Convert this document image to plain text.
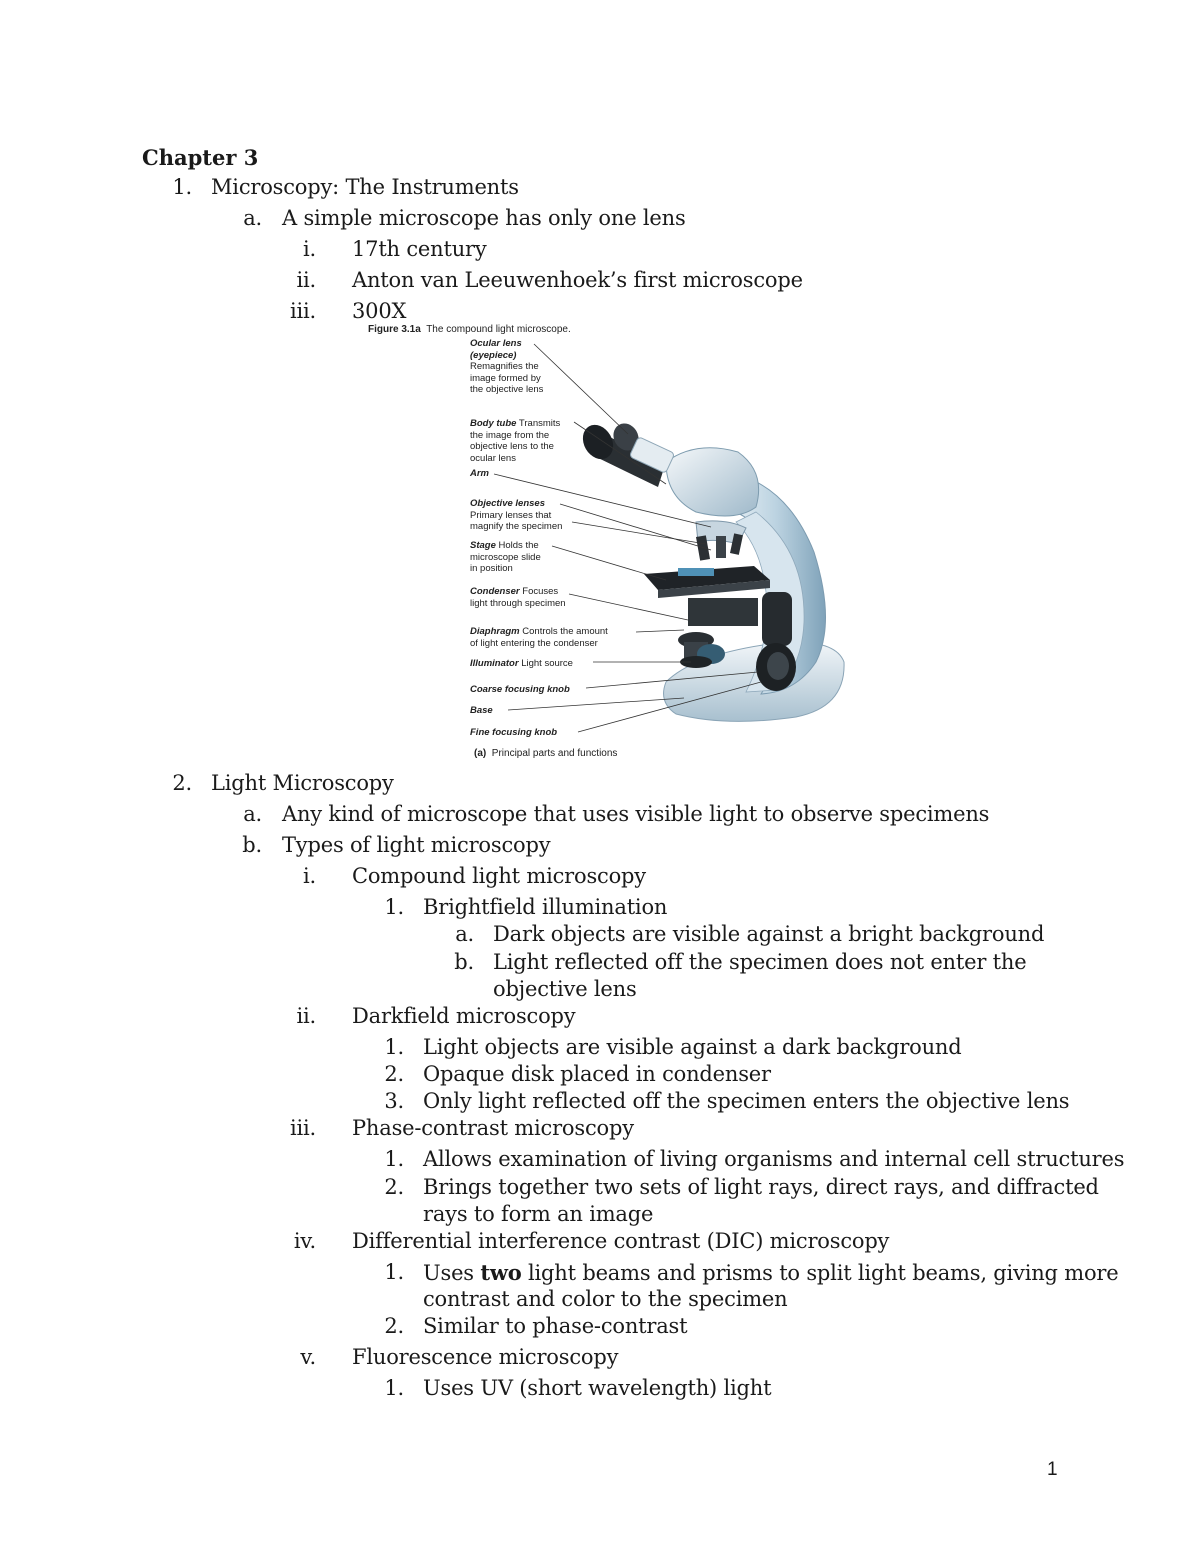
Chapter 3
1. Microscopy: The Instruments
a. A simple microscope has only one lens
i. 17th century
ii. Anton van Leeuwenhoek’s first microscope
iii. 300X
Figure 3.1a The compound light microscope.
Ocular lens
(eyepiece)
Remagnifies the
image formed by
the objective lens
Body tube Transmits
the image from the
objective lens to the
ocular lens
Arm
Objective lenses
Primary lenses that
magnify the specimen
Stage Holds the
microscope slide
in position
Condenser Focuses
light through specimen
Diaphragm Controls the amount
of light entering the condenser
Illuminator Light source
Coarse focusing knob
Base
Fine focusing knob
(a) Principal parts and functions
2. Light Microscopy
a. Any kind of microscope that uses visible light to observe specimens
b. Types of light microscopy
i. Compound light microscopy
1. Brightfield illumination
a. Dark objects are visible against a bright background
b. Light reflected off the specimen does not enter the
objective lens
ii. Darkfield microscopy
1. Light objects are visible against a dark background
2. Opaque disk placed in condenser
3. Only light reflected off the specimen enters the objective lens
iii. Phase-contrast microscopy
1. Allows examination of living organisms and internal cell structures
2. Brings together two sets of light rays, direct rays, and diffracted
rays to form an image
iv. Differential interference contrast (DIC) microscopy
1. Uses two light beams and prisms to split light beams, giving more
contrast and color to the specimen
2. Similar to phase-contrast
v. Fluorescence microscopy
1. Uses UV (short wavelength) light
1
